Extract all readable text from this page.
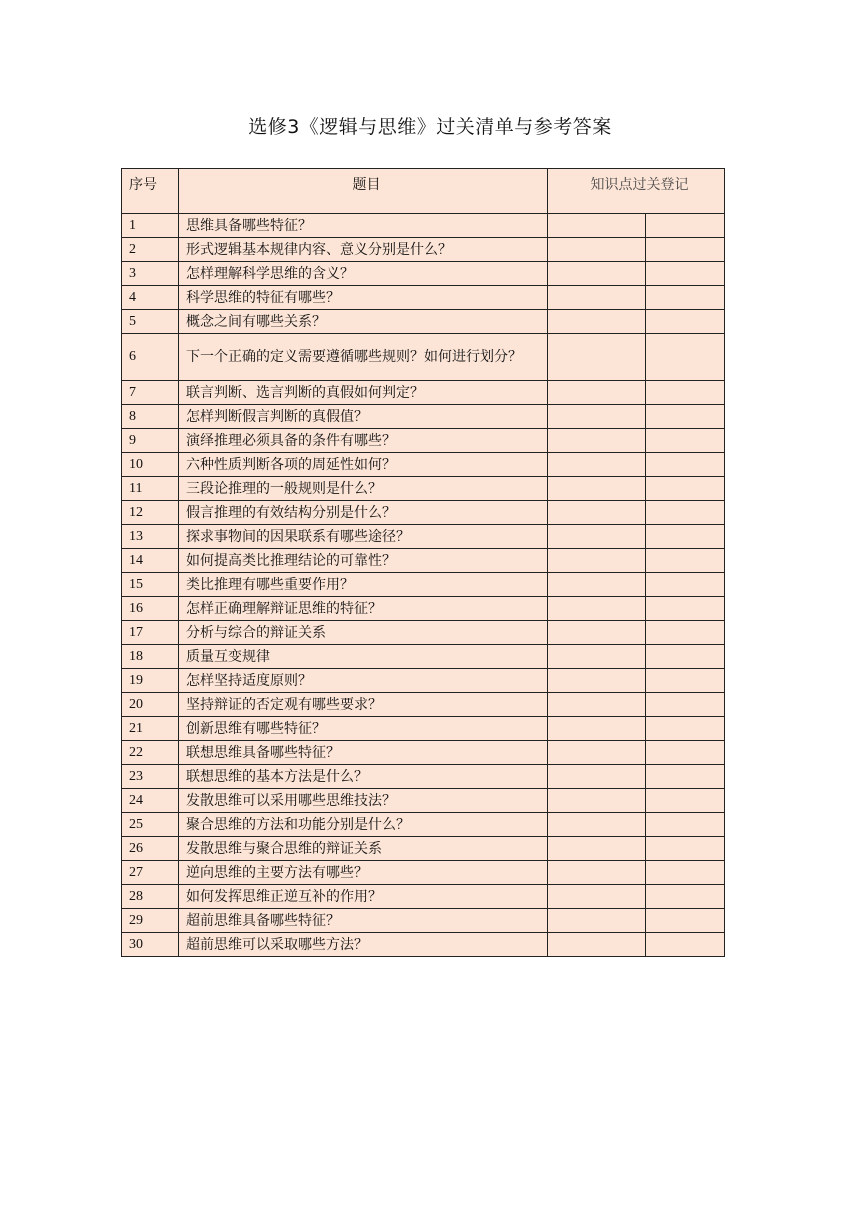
选修3《逻辑与思维》过关清单与参考答案
序号	题目	知识点过关登记	
1	思维具备哪些特征？		
2	形式逻辑基本规律内容、意义分别是什么？		
3	怎样理解科学思维的含义？		
4	科学思维的特征有哪些？		
5	概念之间有哪些关系？		
6	下一个正确的定义需要遵循哪些规则？如何进行划分？		
7	联言判断、选言判断的真假如何判定？		
8	怎样判断假言判断的真假值？		
9	演绎推理必须具备的条件有哪些？		
10	六种性质判断各项的周延性如何？		
11	三段论推理的一般规则是什么？		
12	假言推理的有效结构分别是什么？		
13	探求事物间的因果联系有哪些途径？		
14	如何提高类比推理结论的可靠性？		
15	类比推理有哪些重要作用？		
16	怎样正确理解辩证思维的特征？		
17	分析与综合的辩证关系		
18	质量互变规律		
19	怎样坚持适度原则？		
20	坚持辩证的否定观有哪些要求？		
21	创新思维有哪些特征？		
22	联想思维具备哪些特征？		
23	联想思维的基本方法是什么？		
24	发散思维可以采用哪些思维技法？		
25	聚合思维的方法和功能分别是什么？		
26	发散思维与聚合思维的辩证关系		
27	逆向思维的主要方法有哪些？		
28	如何发挥思维正逆互补的作用？		
29	超前思维具备哪些特征？		
30	超前思维可以采取哪些方法？		
